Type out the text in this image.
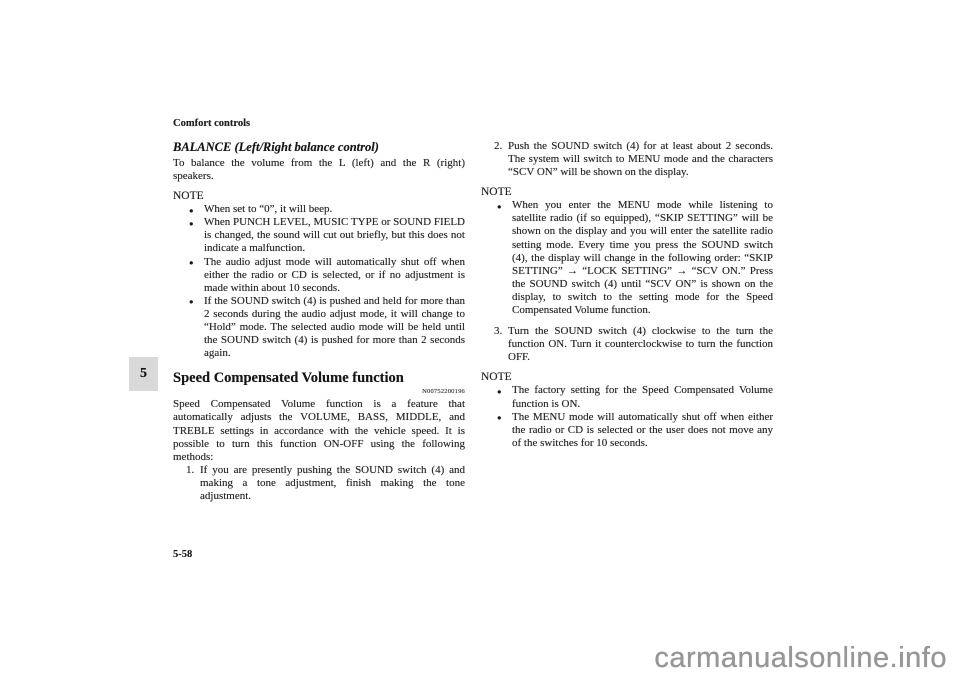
5
Comfort controls
BALANCE (Left/Right balance control)

To balance the volume from the L (left) and the R (right) speakers.

NOTE
● When set to “0”, it will beep.
● When PUNCH LEVEL, MUSIC TYPE or SOUND FIELD is changed, the sound will cut out briefly, but this does not indicate a malfunction.
● The audio adjust mode will automatically shut off when either the radio or CD is selected, or if no adjustment is made within about 10 seconds.
● If the SOUND switch (4) is pushed and held for more than 2 seconds during the audio adjust mode, it will change to “Hold” mode. The selected audio mode will be held until the SOUND switch (4) is pushed for more than 2 seconds again.
Speed Compensated Volume function
N00752200196

Speed Compensated Volume function is a feature that automatically adjusts the VOLUME, BASS, MIDDLE, and TREBLE settings in accordance with the vehicle speed. It is possible to turn this function ON-OFF using the following methods:

1. If you are presently pushing the SOUND switch (4) and making a tone adjustment, finish making the tone adjustment.
2. Push the SOUND switch (4) for at least about 2 seconds. The system will switch to MENU mode and the characters “SCV ON” will be shown on the display.
NOTE
● When you enter the MENU mode while listening to satellite radio (if so equipped), “SKIP SETTING” will be shown on the display and you will enter the satellite radio setting mode. Every time you press the SOUND switch (4), the display will change in the following order: “SKIP SETTING” → “LOCK SETTING” → “SCV ON.” Press the SOUND switch (4) until “SCV ON” is shown on the display, to switch to the setting mode for the Speed Compensated Volume function.
3. Turn the SOUND switch (4) clockwise to the turn the function ON. Turn it counterclockwise to turn the function OFF.
NOTE
● The factory setting for the Speed Compensated Volume function is ON.
● The MENU mode will automatically shut off when either the radio or CD is selected or the user does not move any of the switches for 10 seconds.
5-58
carmanualsonline.info
